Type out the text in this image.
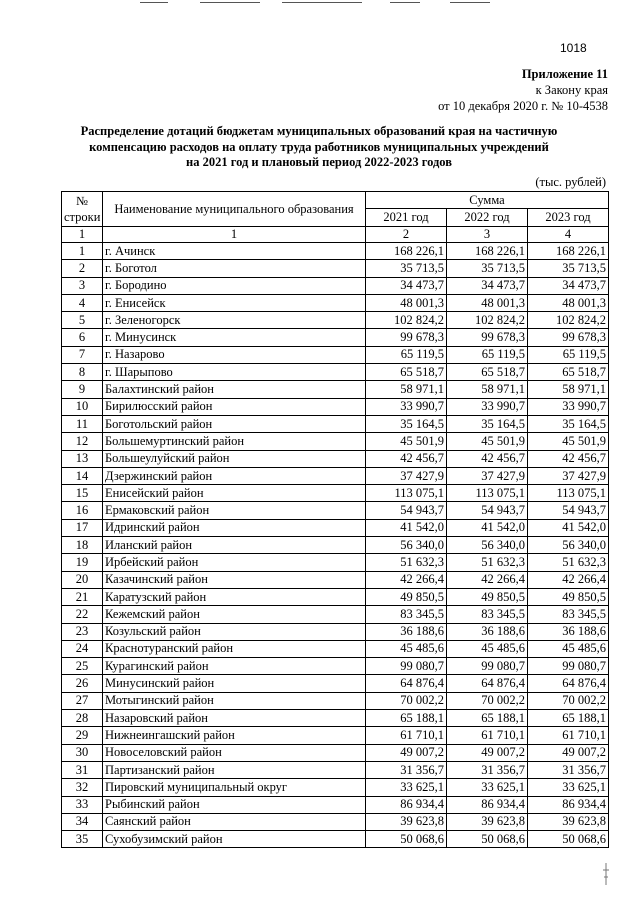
1018
Приложение 11
к Закону края
от 10 декабря 2020 г. № 10-4538
Распределение дотаций бюджетам муниципальных образований края на частичную
компенсацию расходов на оплату труда работников муниципальных учреждений
на 2021 год и плановый период 2022-2023 годов
(тыс. рублей)
№
строки	Наименование муниципального образования	Сумма		
		2021 год	2022 год	2023 год
1	1	2	3	4
1	г. Ачинск	168 226,1	168 226,1	168 226,1
2	г. Боготол	35 713,5	35 713,5	35 713,5
3	г. Бородино	34 473,7	34 473,7	34 473,7
4	г. Енисейск	48 001,3	48 001,3	48 001,3
5	г. Зеленогорск	102 824,2	102 824,2	102 824,2
6	г. Минусинск	99 678,3	99 678,3	99 678,3
7	г. Назарово	65 119,5	65 119,5	65 119,5
8	г. Шарыпово	65 518,7	65 518,7	65 518,7
9	Балахтинский район	58 971,1	58 971,1	58 971,1
10	Бирилюсский район	33 990,7	33 990,7	33 990,7
11	Боготольский район	35 164,5	35 164,5	35 164,5
12	Большемуртинский район	45 501,9	45 501,9	45 501,9
13	Большеулуйский район	42 456,7	42 456,7	42 456,7
14	Дзержинский район	37 427,9	37 427,9	37 427,9
15	Енисейский район	113 075,1	113 075,1	113 075,1
16	Ермаковский район	54 943,7	54 943,7	54 943,7
17	Идринский район	41 542,0	41 542,0	41 542,0
18	Иланский район	56 340,0	56 340,0	56 340,0
19	Ирбейский район	51 632,3	51 632,3	51 632,3
20	Казачинский район	42 266,4	42 266,4	42 266,4
21	Каратузский район	49 850,5	49 850,5	49 850,5
22	Кежемский район	83 345,5	83 345,5	83 345,5
23	Козульский район	36 188,6	36 188,6	36 188,6
24	Краснотуранский район	45 485,6	45 485,6	45 485,6
25	Курагинский район	99 080,7	99 080,7	99 080,7
26	Минусинский район	64 876,4	64 876,4	64 876,4
27	Мотыгинский район	70 002,2	70 002,2	70 002,2
28	Назаровский район	65 188,1	65 188,1	65 188,1
29	Нижнеингашский район	61 710,1	61 710,1	61 710,1
30	Новоселовский район	49 007,2	49 007,2	49 007,2
31	Партизанский район	31 356,7	31 356,7	31 356,7
32	Пировский муниципальный округ	33 625,1	33 625,1	33 625,1
33	Рыбинский район	86 934,4	86 934,4	86 934,4
34	Саянский район	39 623,8	39 623,8	39 623,8
35	Сухобузимский район	50 068,6	50 068,6	50 068,6
